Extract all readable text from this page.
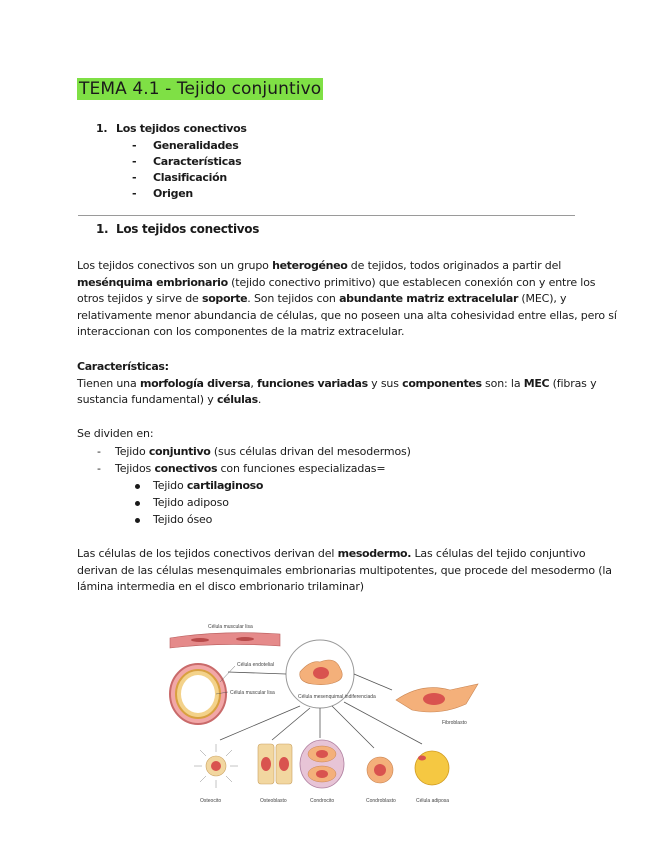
TEMA 4.1 - Tejido conjuntivo
1. Los tejidos conectivos
- Generalidades
- Características
- Clasificación
- Origen
1. Los tejidos conectivos
Los tejidos conectivos son un grupo heterogéneo de tejidos, todos originados a partir del
mesénquima embrionario (tejido conectivo primitivo) que establecen conexión con y entre los
otros tejidos y sirve de soporte. Son tejidos con abundante matriz extracelular (MEC), y
relativamente menor abundancia de células, que no poseen una alta cohesividad entre ellas, pero sí
interaccionan con los componentes de la matriz extracelular.
Características:
Tienen una morfología diversa, funciones variadas y sus componentes son: la MEC (fibras y
sustancia fundamental) y células.
Se dividen en:
- Tejido conjuntivo (sus células drivan del mesodermos)
- Tejidos conectivos con funciones especializadas=
Tejido cartilaginoso
Tejido adiposo
Tejido óseo
Las células de los tejidos conectivos derivan del mesodermo. Las células del tejido conjuntivo
derivan de las células mesenquimales embrionarias multipotentes, que procede del mesodermo (la
lámina intermedia en el disco embrionario trilaminar)
Célula muscular lisa
Célula endotelial
Célula muscular lisa
Célula mesenquimal indiferenciada
Fibroblasto
Osteocito	Osteoblasto	Condrocito	Condroblasto	Célula adiposa
